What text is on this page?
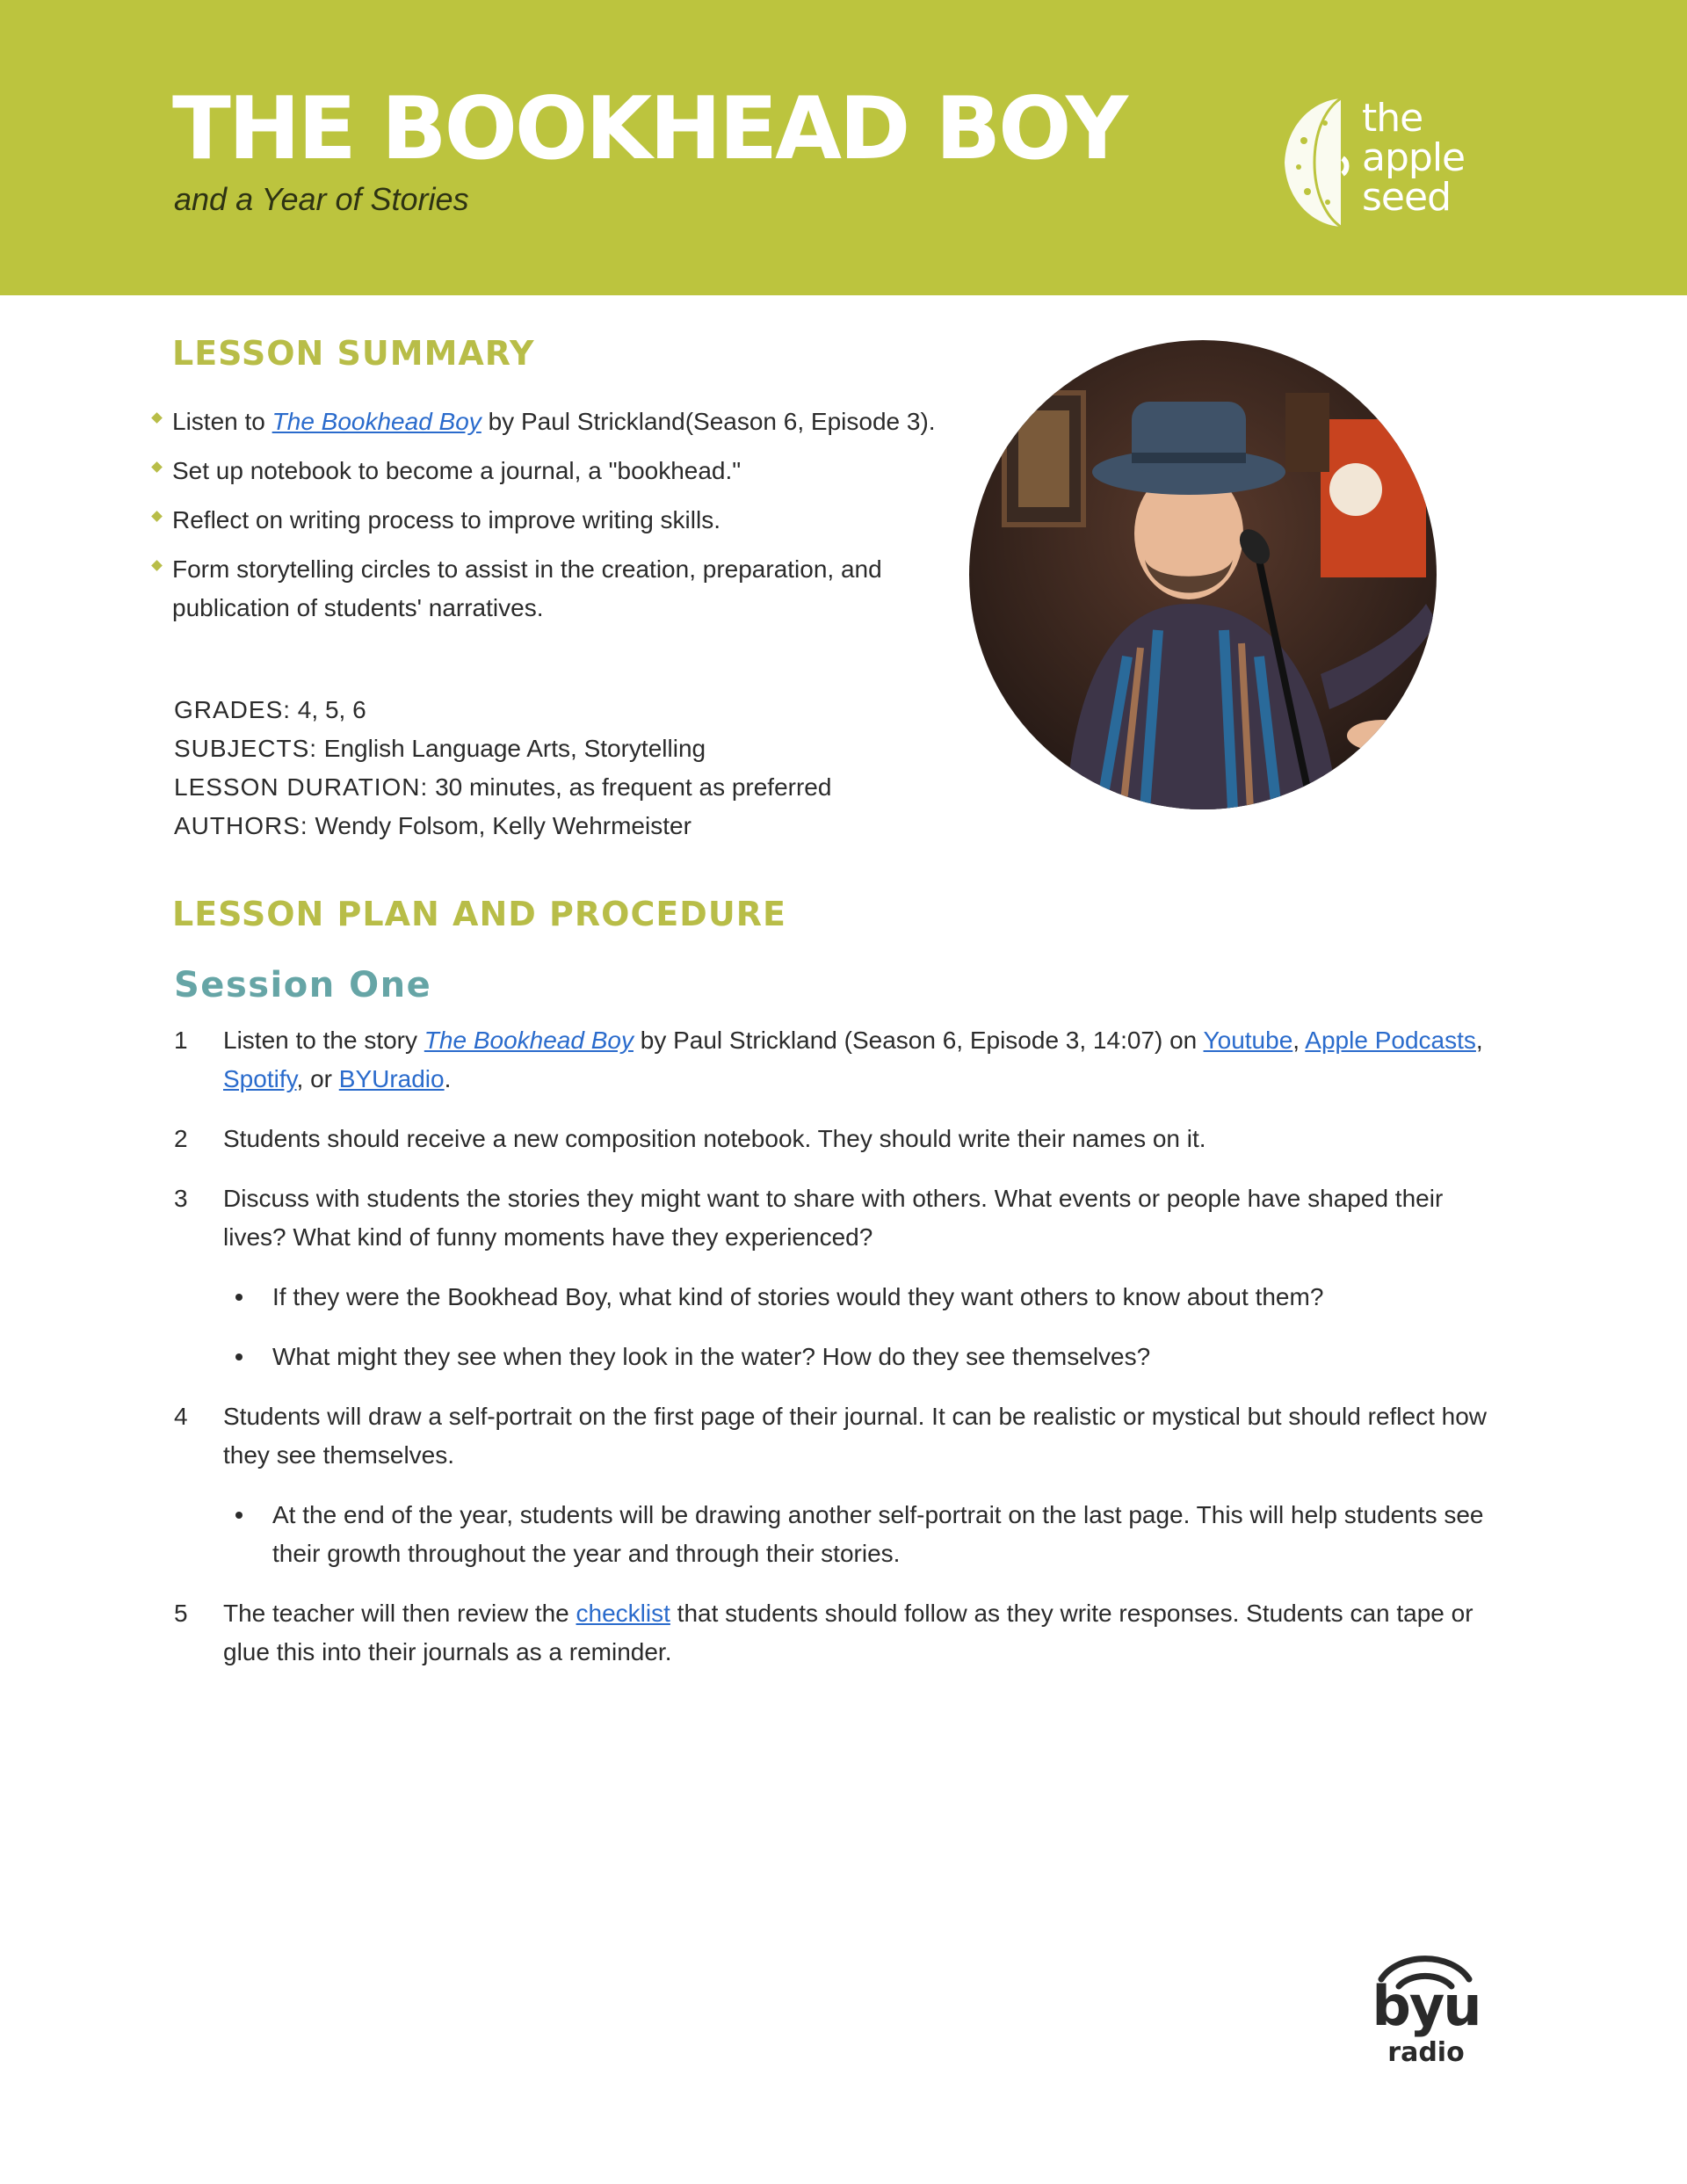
THE BOOKHEAD BOY

and a Year of Stories

the
apple
seed
LESSON SUMMARY
Listen to The Bookhead Boy by Paul Strickland(Season 6, Episode 3).
Set up notebook to become a journal, a "bookhead."
Reflect on writing process to improve writing skills.
Form storytelling circles to assist in the creation, preparation, and publication of students' narratives.
GRADES: 4, 5, 6
SUBJECTS: English Language Arts, Storytelling
LESSON DURATION: 30 minutes, as frequent as preferred
AUTHORS: Wendy Folsom, Kelly Wehrmeister
LESSON PLAN AND PROCEDURE
Session One
1 Listen to the story The Bookhead Boy by Paul Strickland (Season 6, Episode 3, 14:07) on Youtube, Apple Podcasts, Spotify, or BYUradio.
2 Students should receive a new composition notebook. They should write their names on it.
3 Discuss with students the stories they might want to share with others. What events or people have shaped their lives? What kind of funny moments have they experienced?
If they were the Bookhead Boy, what kind of stories would they want others to know about them?
What might they see when they look in the water? How do they see themselves?
4 Students will draw a self-portrait on the first page of their journal. It can be realistic or mystical but should reflect how they see themselves.
At the end of the year, students will be drawing another self-portrait on the last page. This will help students see their growth throughout the year and through their stories.
5 The teacher will then review the checklist that students should follow as they write responses. Students can tape or glue this into their journals as a reminder.
byu
radio
